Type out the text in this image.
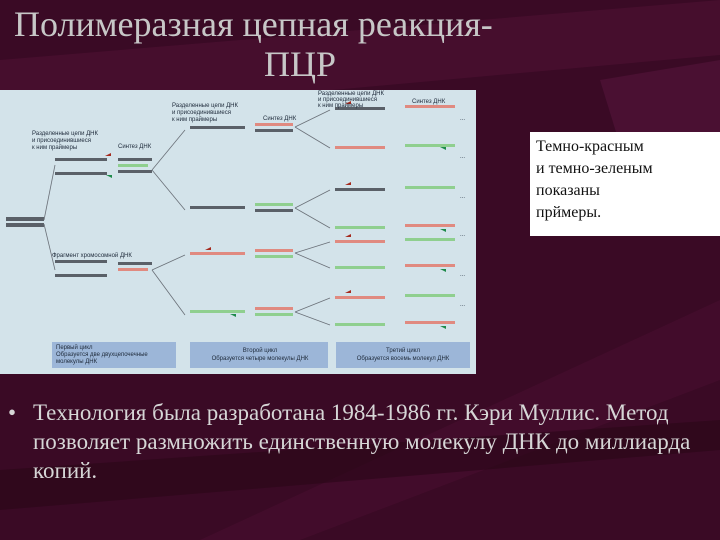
Полимеразная цепная реакция-
ПЦР
Разделенные цепи ДНК
и присоединившиеся
к ним праймеры	Синтез ДНК
Разделенные цепи ДНК
и присоединившиеся
к ним праймеры	Синтез ДНК
Разделенные цепи ДНК
и присоединившиеся
к ним праймеры
Синтез ДНК
Фрагмент хромосомной ДНК
...
...
...
...
...
...
Первый цикл
Образуется две двухцепочечные
молекулы ДНК
Второй цикл
Образуется четыре молекулы ДНК
Третий цикл
Образуется восемь молекул ДНК
Темно-красным
и темно-зеленым
показаны
прймеры.
• Технология была разработана 1984-1986 гг. Кэри Муллис. Метод позволяет размножить единственную молекулу ДНК до миллиарда копий.
